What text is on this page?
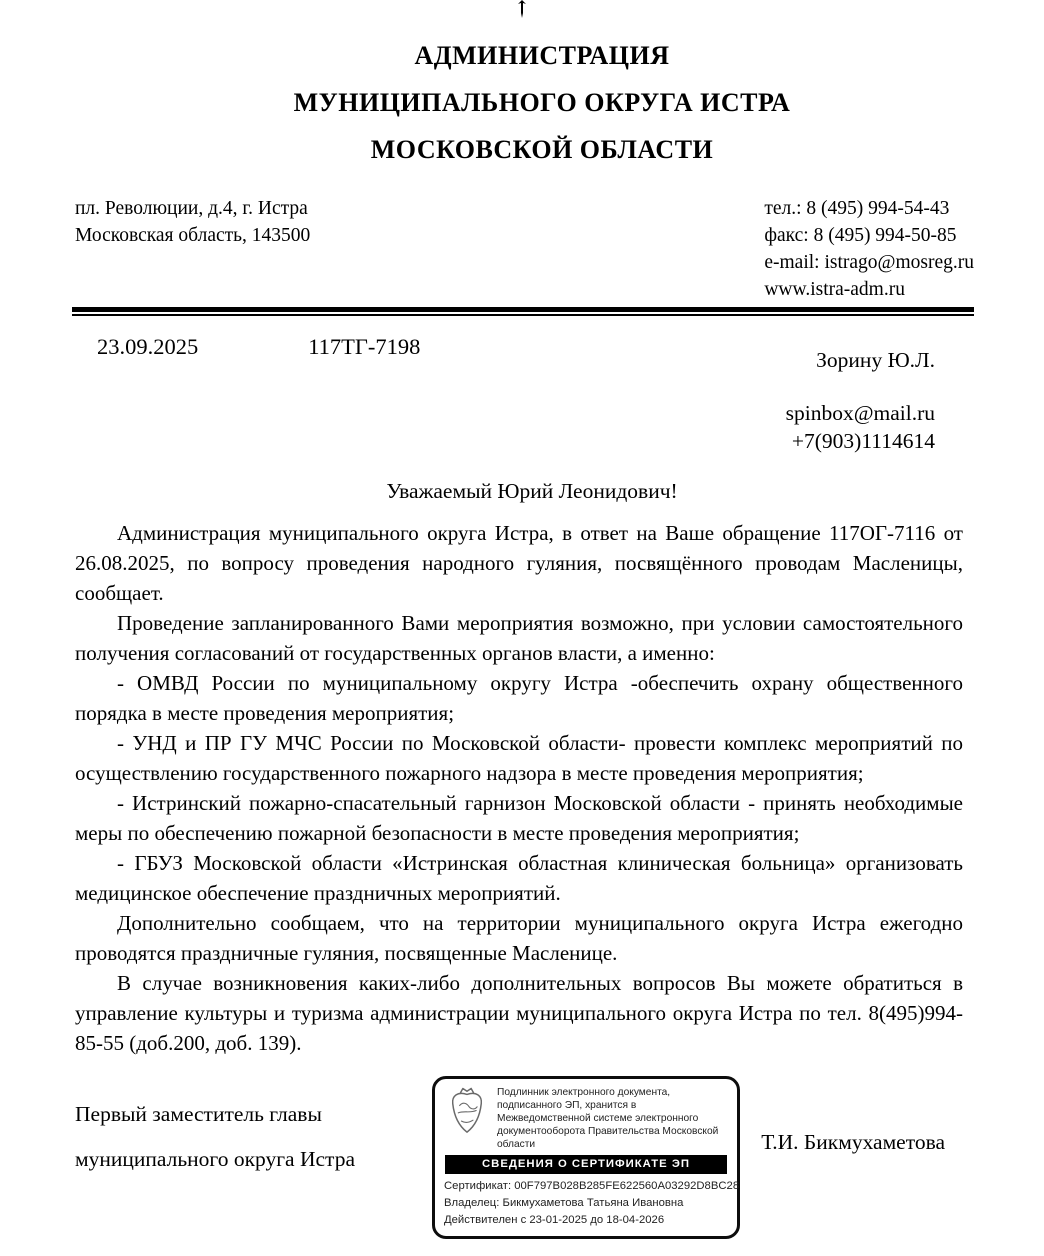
АДМИНИСТРАЦИЯ
МУНИЦИПАЛЬНОГО ОКРУГА ИСТРА
МОСКОВСКОЙ ОБЛАСТИ
пл. Революции, д.4, г. Истра
Московская область, 143500
тел.: 8 (495) 994-54-43
факс: 8 (495) 994-50-85
e-mail: istrago@mosreg.ru
www.istra-adm.ru
23.09.2025	117ТГ-7198
Зорину Ю.Л.
spinbox@mail.ru
+7(903)1114614
Уважаемый Юрий Леонидович!

Администрация муниципального округа Истра, в ответ на Ваше обращение 117ОГ-7116 от 26.08.2025, по вопросу проведения народного гуляния, посвящённого проводам Масленицы, сообщает.

Проведение запланированного Вами мероприятия возможно, при условии самостоятельного получения согласований от государственных органов власти, а именно:

- ОМВД России по муниципальному округу Истра -обеспечить охрану общественного порядка в месте проведения мероприятия;

- УНД и ПР ГУ МЧС России по Московской области- провести комплекс мероприятий по осуществлению государственного пожарного надзора в месте проведения мероприятия;

- Истринский пожарно-спасательный гарнизон Московской области - принять необходимые меры по обеспечению пожарной безопасности в месте проведения мероприятия;

- ГБУЗ Московской области «Истринская областная клиническая больница» организовать медицинское обеспечение праздничных мероприятий.

Дополнительно сообщаем, что на территории муниципального округа Истра ежегодно проводятся праздничные гуляния, посвященные Масленице.

В случае возникновения каких-либо дополнительных вопросов Вы можете обратиться в управление культуры и туризма администрации муниципального округа Истра по тел. 8(495)994-85-55 (доб.200, доб. 139).

Первый заместитель главы
муниципального округа Истра
Подлинник электронного документа, подписанного ЭП, хранится в Межведомственной системе электронного документооборота Правительства Московской области
СВЕДЕНИЯ О СЕРТИФИКАТЕ ЭП
Сертификат: 00F797B028B285FE622560A03292D8BC28
Владелец: Бикмухаметова Татьяна Ивановна
Действителен с 23-01-2025 до 18-04-2026
Т.И. Бикмухаметова
